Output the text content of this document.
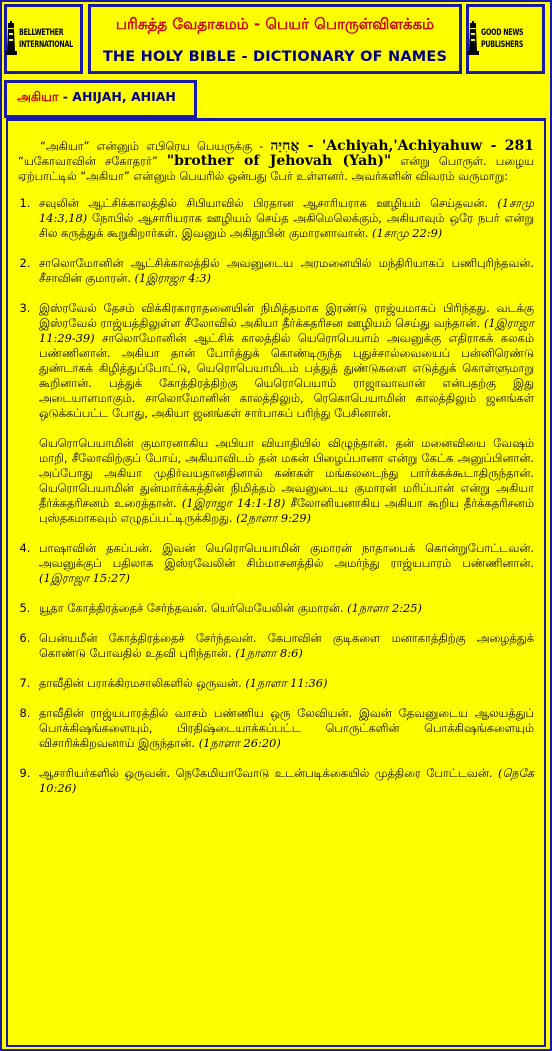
BELLWETHER INTERNATIONAL
பரிசுத்த வேதாகமம் - பெயர் பொருள்விளக்கம்
THE HOLY BIBLE - DICTIONARY OF NAMES
GOOD NEWS PUBLISHERS
அகியா - AHIJAH, AHIAH

“அகியா” என்னும் எபிரெய பெயருக்கு - אֲחִיָּה - 'Achiyah,'Achiyahuw - 281 “யகோவாவின் சகோதரர்” "brother of Jehovah (Yah)" என்று பொருள். பழைய ஏற்பாட்டில் “அகியா” என்னும் பெயரில் ஒன்பது பேர் உள்ளனர். அவர்களின் விவரம் வருமாறு:

1. சவுலின் ஆட்சிக்காலத்தில் சிபியாவில் பிரதான ஆசாரியராக ஊழியம் செய்தவன். (1சாமு 14:3,18) நோபில் ஆசாரியராக ஊழியம் செய்த அகிமெலெக்கும், அகியாவும் ஒரே நபர் என்று சில கருத்துக் கூறுகிறார்கள். இவனும் அகிதூபின் குமாரனாவான். (1சாமு 22:9)
2. சாலொமோனின் ஆட்சிக்காலத்தில் அவனுடைய அரமனையில் மந்திரியாகப் பணிபுரிந்தவன். சீசாவின் குமாரன். (1இராஜா 4:3)
3. இஸ்ரவேல் தேசம் விக்கிரகாராதனையின் நிமித்தமாக இரண்டு ராஜ்யமாகப் பிரிந்தது. வடக்கு இஸ்ரவேல் ராஜ்யத்திலுள்ள சீலோவில் அகியா தீர்க்கதரிசன ஊழியம் செய்து வந்தான். (1இராஜா 11:29-39) சாலொமோனின் ஆட்சிக் காலத்தில் யெரொபெயாம் அவனுக்கு எதிராகக் கலகம் பண்ணினான். அகியா தான் போர்த்துக் கொண்டிருந்த புதுச்சால்வையைப் பன்னிரெண்டு துண்டாகக் கிழித்துப்போட்டு, யெரொபெயாமிடம் பத்துத் துண்டுகளை எடுத்துக் கொள்ளுமாறு கூறினான். பத்துக் கோத்திரத்திற்கு யெரொபெயாம் ராஜாவாவான் என்பதற்கு இது அடையாளமாகும். சாலொமோனின் காலத்திலும், ரெகொபெயாமின் காலத்திலும் ஜனங்கள் ஒடுக்கப்பட்ட போது, அகியா ஜனங்கள் சார்பாகப் பரிந்து பேசினான்.
யெரொபெயாமின் குமாரனாகிய அபியா வியாதியில் விழுந்தான். தன் மனைவியை வேஷம் மாறி, சீலோவிற்குப் போய், அகியாவிடம் தன் மகன் பிழைப்பானா என்று கேட்க அனுப்பினான். அப்போது அகியா முதிர்வயதானதினால் கண்கள் மங்கலடைந்து பார்க்கக்கூடாதிருந்தான். யெரொபெயாமின் துன்மார்க்கத்தின் நிமித்தம் அவனுடைய குமாரன் மரிப்பான் என்று அகியா தீர்க்கதரிசனம் உரைத்தான். (1இராஜா 14:1-18) சீலோனியனாகிய அகியா கூறிய தீர்க்கதரிசனம் புஸ்தகமாகவும் எழுதப்பட்டிருக்கிறது. (2நாளா 9:29)
4. பாஷாவின் தகப்பன். இவன் யெரொபெயாமின் குமாரன் நாதாபைக் கொன்றுபோட்டவன். அவனுக்குப் பதிலாக இஸ்ரவேலின் சிம்மாசனத்தில் அமர்ந்து ராஜ்யபாரம் பண்ணினான். (1இராஜா 15:27)
5. யூதா கோத்திரத்தைச் சேர்ந்தவன். யெர்மெயேலின் குமாரன். (1நாளா 2:25)
6. பென்யமீன் கோத்திரத்தைச் சேர்ந்தவன். கேபாவின் குடிகளை மனாகாத்திற்கு அழைத்துக் கொண்டு போவதில் உதவி புரிந்தான். (1நாளா 8:6)
7. தாவீதின் பராக்கிரமசாலிகளில் ஒருவன். (1நாளா 11:36)
8. தாவீதின் ராஜ்யபாரத்தில் வாசம் பண்ணிய ஒரு லேவியன். இவன் தேவனுடைய ஆலயத்துப் பொக்கிஷங்களையும், பிரதிஷ்டையாக்கப்பட்ட பொருட்களின் பொக்கிஷங்களையும் விசாரிக்கிறவனாய் இருந்தான். (1நாளா 26:20)
9. ஆசாரியர்களில் ஒருவன். நெகேமியாவோடு உடன்படிக்கையில் முத்திரை போட்டவன். (நெகே 10:26)
